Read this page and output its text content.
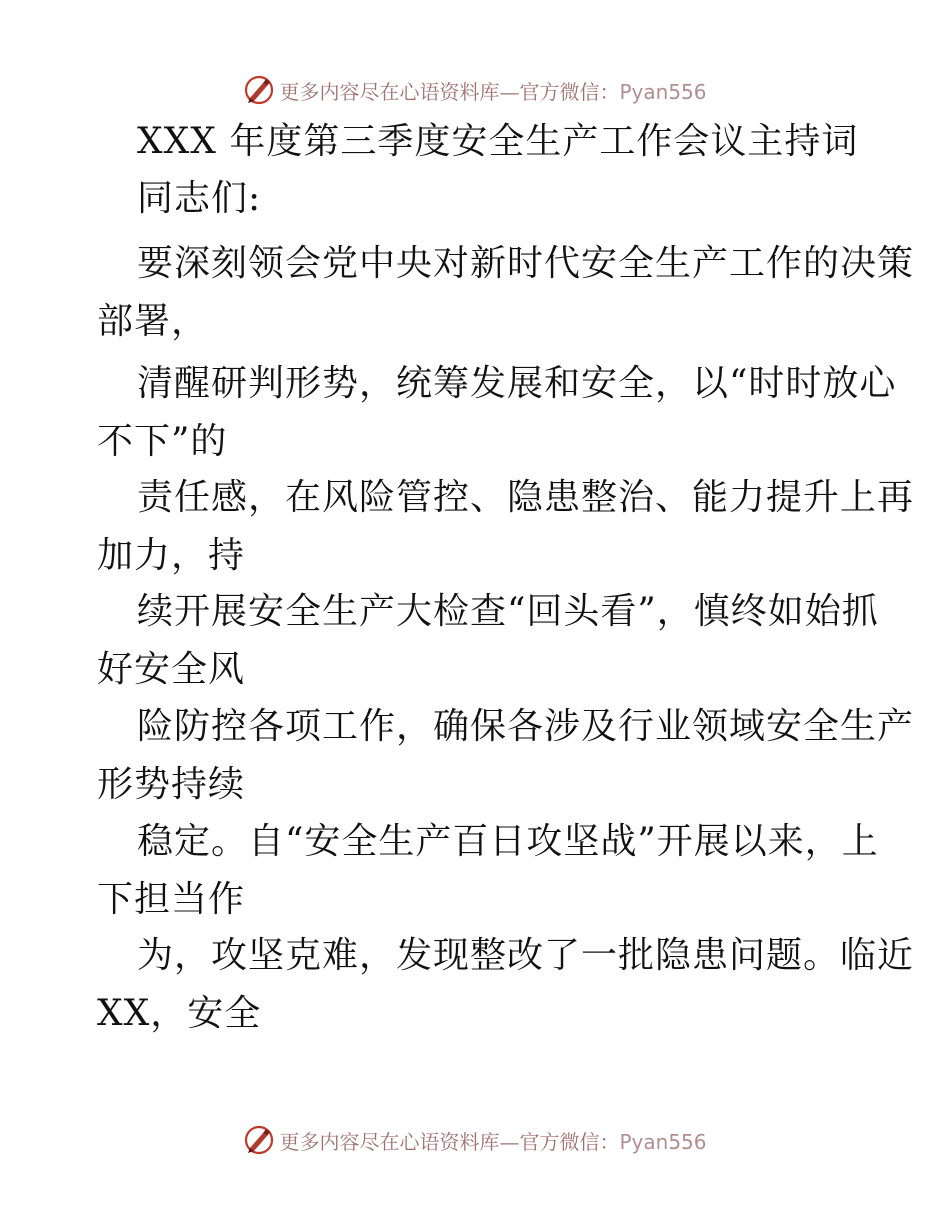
更多内容尽在心语资料库—官方微信：Pyan556
XXX 年度第三季度安全生产工作会议主持词
同志们:
要深刻领会党中央对新时代安全生产工作的决策
部署，
清醒研判形势，统筹发展和安全，以“时时放心
不下”的
责任感，在风险管控、隐患整治、能力提升上再
加力，持
续开展安全生产大检查“回头看”，慎终如始抓
好安全风
险防控各项工作，确保各涉及行业领域安全生产
形势持续
稳定。自“安全生产百日攻坚战”开展以来，上
下担当作
为，攻坚克难，发现整改了一批隐患问题。临近
XX，安全
更多内容尽在心语资料库—官方微信：Pyan556
